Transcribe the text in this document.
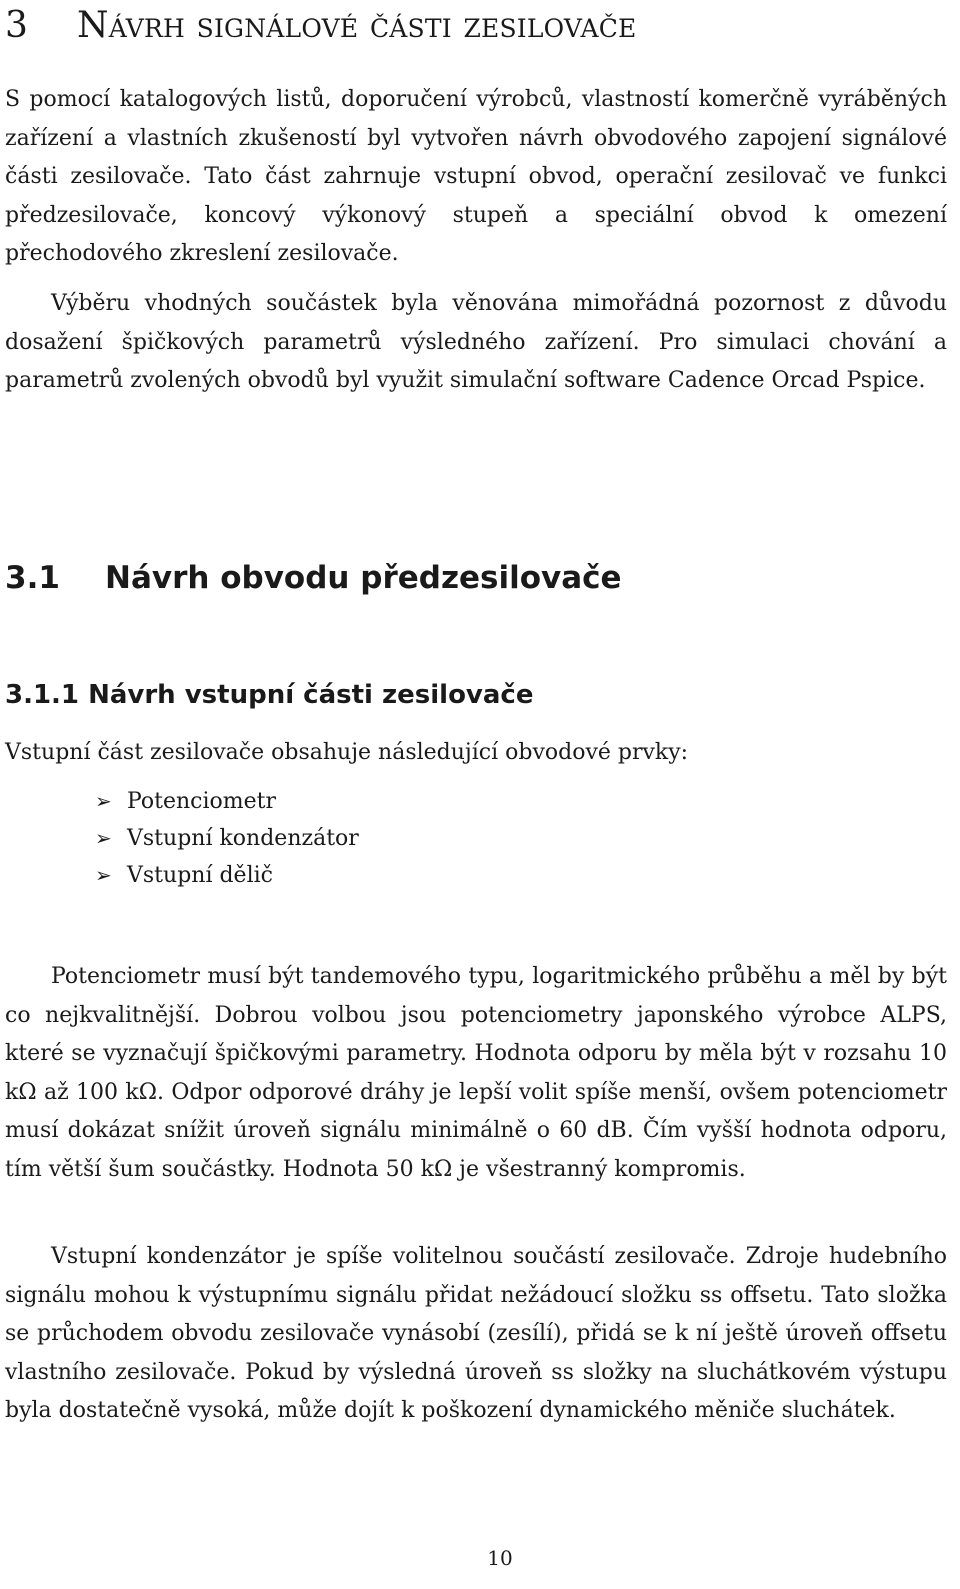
3 Návrh signálové části zesilovače

S pomocí katalogových listů, doporučení výrobců, vlastností komerčně vyráběných zařízení a vlastních zkušeností byl vytvořen návrh obvodového zapojení signálové části zesilovače. Tato část zahrnuje vstupní obvod, operační zesilovač ve funkci předzesilovače, koncový výkonový stupeň a speciální obvod k omezení přechodového zkreslení zesilovače.

Výběru vhodných součástek byla věnována mimořádná pozornost z důvodu dosažení špičkových parametrů výsledného zařízení. Pro simulaci chování a parametrů zvolených obvodů byl využit simulační software Cadence Orcad Pspice.

3.1 Návrh obvodu předzesilovače
3.1.1 Návrh vstupní části zesilovače

Vstupní část zesilovače obsahuje následující obvodové prvky:

➢ Potenciometr
➢ Vstupní kondenzátor
➢ Vstupní dělič

Potenciometr musí být tandemového typu, logaritmického průběhu a měl by být co nejkvalitnější. Dobrou volbou jsou potenciometry japonského výrobce ALPS, které se vyznačují špičkovými parametry. Hodnota odporu by měla být v rozsahu 10 kΩ až 100 kΩ. Odpor odporové dráhy je lepší volit spíše menší, ovšem potenciometr musí dokázat snížit úroveň signálu minimálně o 60 dB. Čím vyšší hodnota odporu, tím větší šum součástky. Hodnota 50 kΩ je všestranný kompromis.

Vstupní kondenzátor je spíše volitelnou součástí zesilovače. Zdroje hudebního signálu mohou k výstupnímu signálu přidat nežádoucí složku ss offsetu. Tato složka se průchodem obvodu zesilovače vynásobí (zesílí), přidá se k ní ještě úroveň offsetu vlastního zesilovače. Pokud by výsledná úroveň ss složky na sluchátkovém výstupu byla dostatečně vysoká, může dojít k poškození dynamického měniče sluchátek.

10
